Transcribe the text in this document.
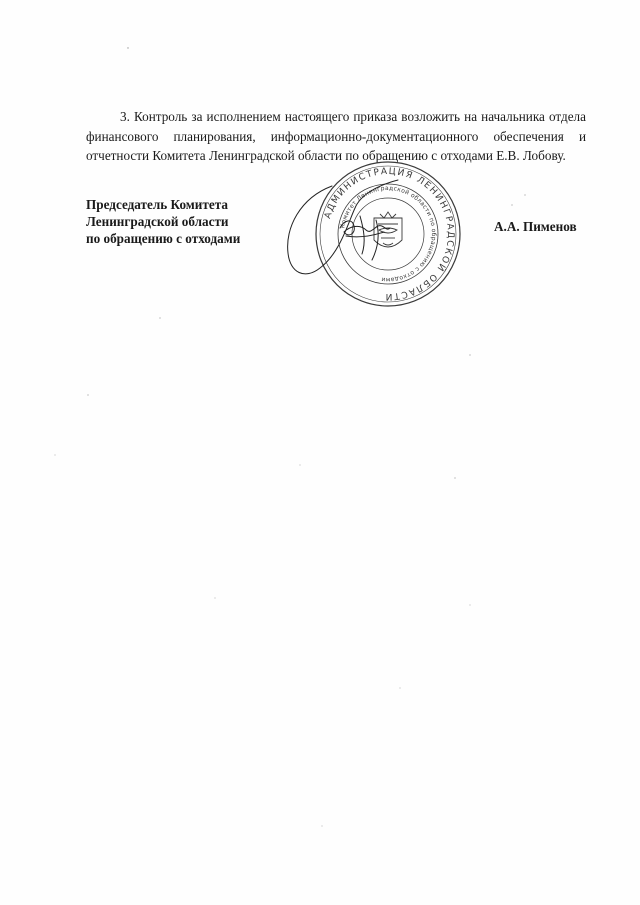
3. Контроль за исполнением настоящего приказа возложить на начальника отдела финансового планирования, информационно-документационного обеспечения и отчетности Комитета Ленинградской области по обращению с отходами Е.В. Лобову.

Председатель Комитета
Ленинградской области
по обращению с отходами
АДМИНИСТРАЦИЯ ЛЕНИНГРАДСКОЙ ОБЛАСТИ
Комитет Ленинградской области по обращению с отходами
А.А. Пименов
